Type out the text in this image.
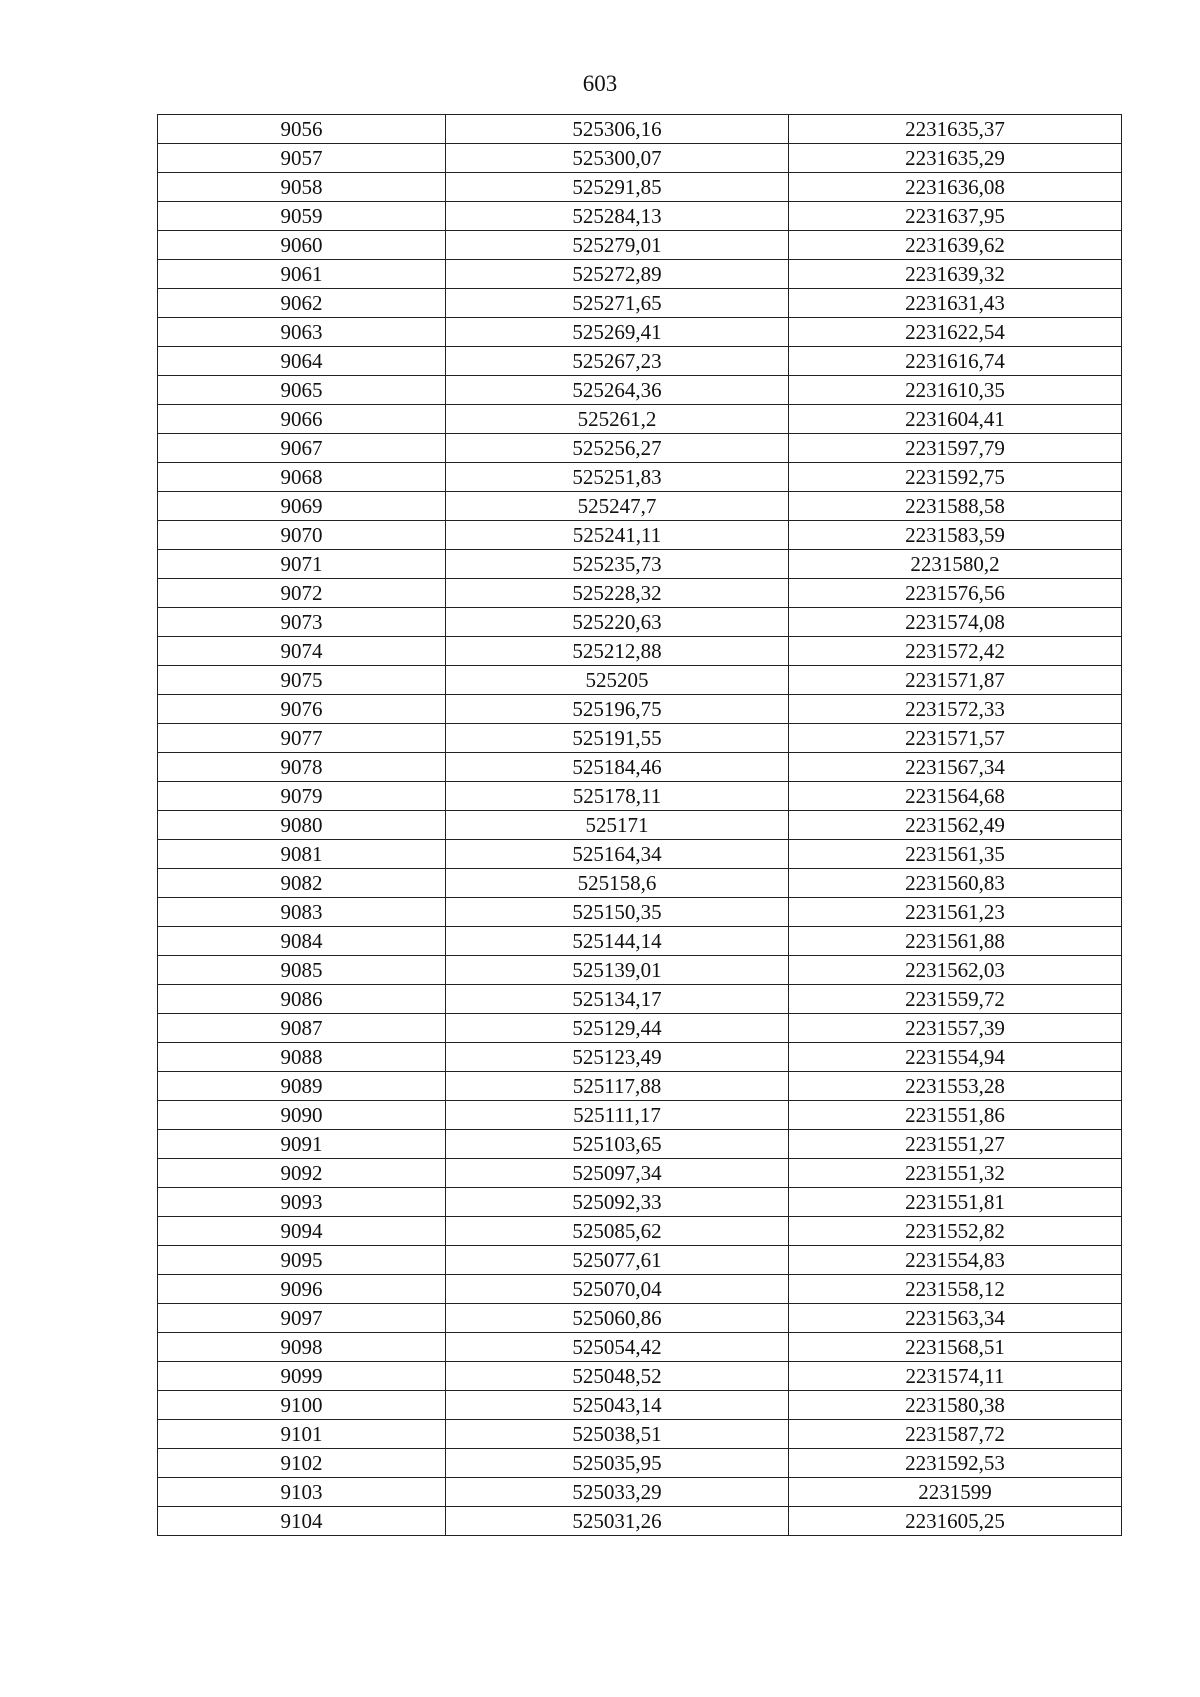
603
9056	525306,16	2231635,37
9057	525300,07	2231635,29
9058	525291,85	2231636,08
9059	525284,13	2231637,95
9060	525279,01	2231639,62
9061	525272,89	2231639,32
9062	525271,65	2231631,43
9063	525269,41	2231622,54
9064	525267,23	2231616,74
9065	525264,36	2231610,35
9066	525261,2	2231604,41
9067	525256,27	2231597,79
9068	525251,83	2231592,75
9069	525247,7	2231588,58
9070	525241,11	2231583,59
9071	525235,73	2231580,2
9072	525228,32	2231576,56
9073	525220,63	2231574,08
9074	525212,88	2231572,42
9075	525205	2231571,87
9076	525196,75	2231572,33
9077	525191,55	2231571,57
9078	525184,46	2231567,34
9079	525178,11	2231564,68
9080	525171	2231562,49
9081	525164,34	2231561,35
9082	525158,6	2231560,83
9083	525150,35	2231561,23
9084	525144,14	2231561,88
9085	525139,01	2231562,03
9086	525134,17	2231559,72
9087	525129,44	2231557,39
9088	525123,49	2231554,94
9089	525117,88	2231553,28
9090	525111,17	2231551,86
9091	525103,65	2231551,27
9092	525097,34	2231551,32
9093	525092,33	2231551,81
9094	525085,62	2231552,82
9095	525077,61	2231554,83
9096	525070,04	2231558,12
9097	525060,86	2231563,34
9098	525054,42	2231568,51
9099	525048,52	2231574,11
9100	525043,14	2231580,38
9101	525038,51	2231587,72
9102	525035,95	2231592,53
9103	525033,29	2231599
9104	525031,26	2231605,25
